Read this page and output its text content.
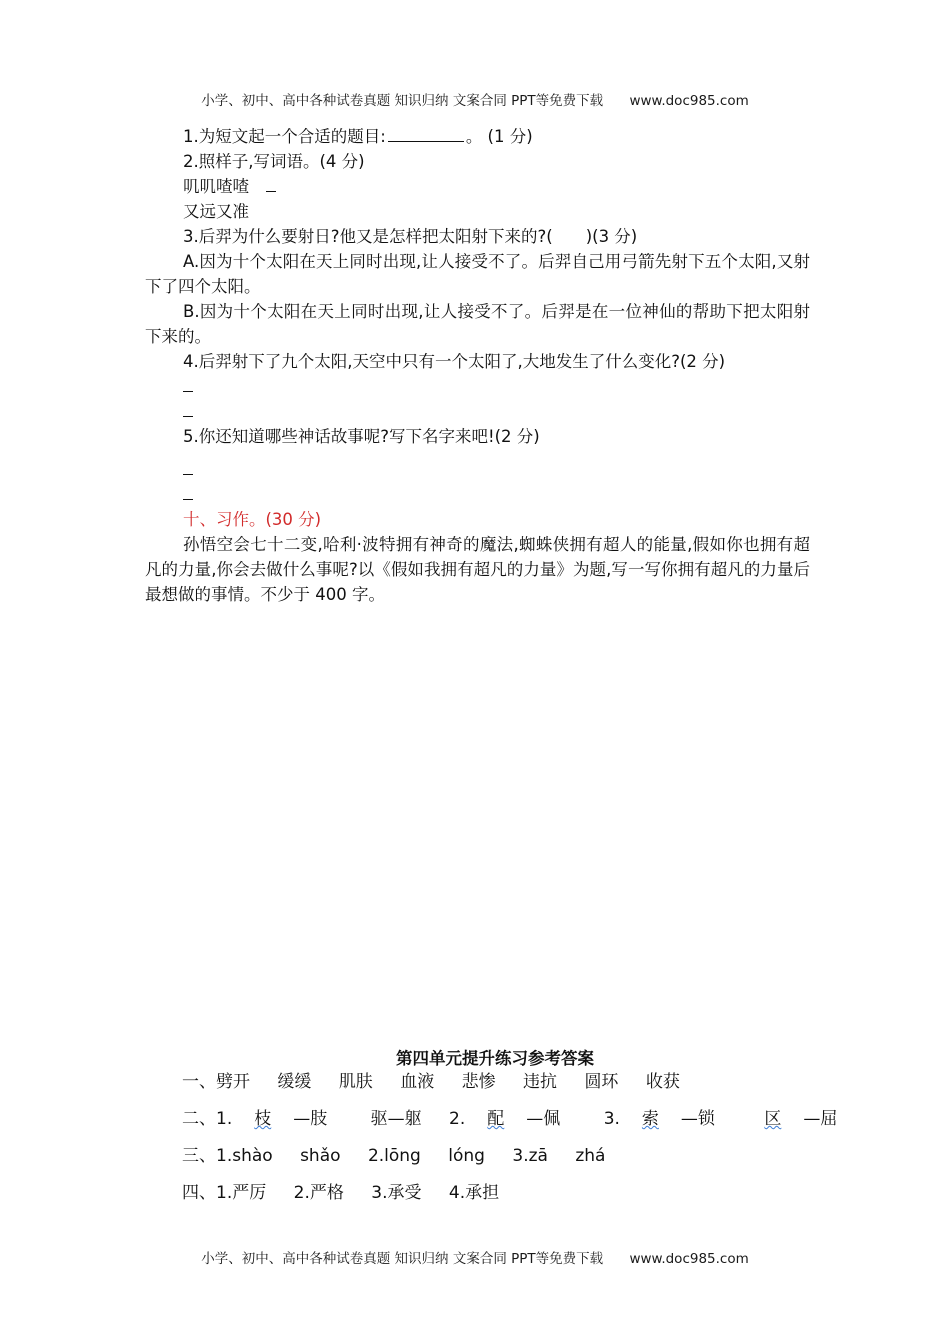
小学、初中、高中各种试卷真题 知识归纳 文案合同 PPT等免费下载 www.doc985.com
1.为短文起一个合适的题目:	。 (1 分)
2.照样子,写词语。(4 分)
叽叽喳喳
又远又准
3.后羿为什么要射日?他又是怎样把太阳射下来的?(　　)(3 分)
A.因为十个太阳在天上同时出现,让人接受不了。后羿自己用弓箭先射下五个太阳,又射下了四个太阳。
B.因为十个太阳在天上同时出现,让人接受不了。后羿是在一位神仙的帮助下把太阳射下来的。
4.后羿射下了九个太阳,天空中只有一个太阳了,大地发生了什么变化?(2 分)
5.你还知道哪些神话故事呢?写下名字来吧!(2 分)
十、习作。(30 分)
孙悟空会七十二变,哈利·波特拥有神奇的魔法,蜘蛛侠拥有超人的能量,假如你也拥有超凡的力量,你会去做什么事呢?以《假如我拥有超凡的力量》为题,写一写你拥有超凡的力量后最想做的事情。不少于 400 字。
第四单元提升练习参考答案
一、劈开 缓缓 肌肤 血液 悲惨 违抗 圆环 收获
二、1. 枝 —肢	驱—躯 2. 配 —佩	3. 索 —锁	区 —屈
三、1.shào shǎo 2.lōng lóng 3.zā zhá
四、1.严厉 2.严格 3.承受 4.承担
小学、初中、高中各种试卷真题 知识归纳 文案合同 PPT等免费下载 www.doc985.com
